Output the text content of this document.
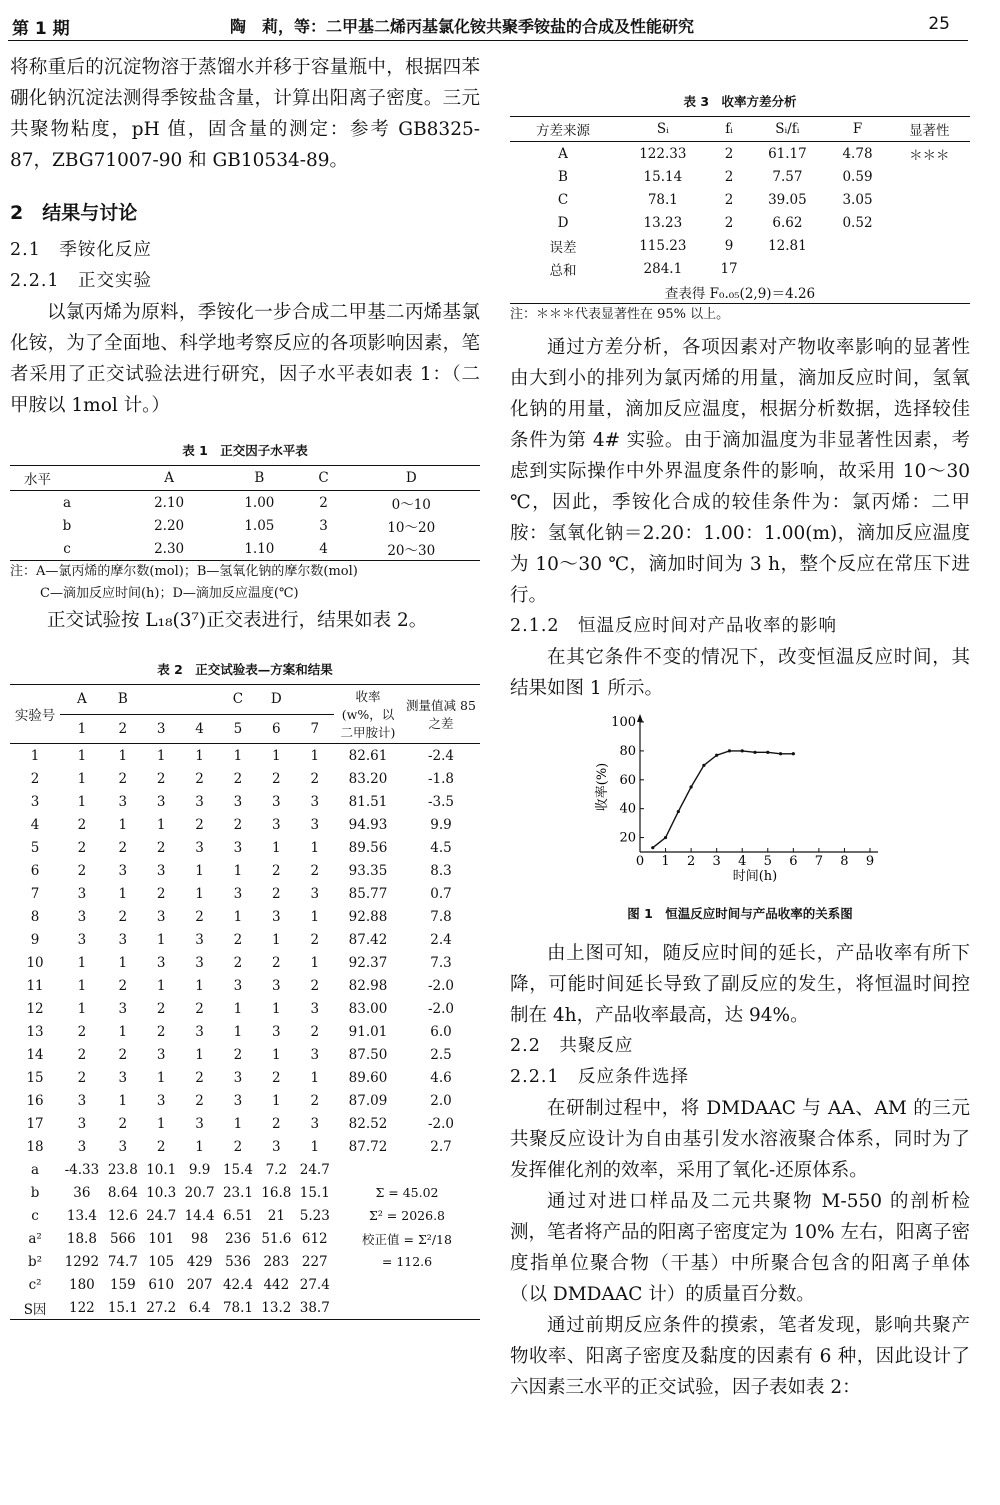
第 1 期	陶　莉，等：二甲基二烯丙基氯化铵共聚季铵盐的合成及性能研究	25

将称重后的沉淀物溶于蒸馏水并移于容量瓶中，根据四苯硼化钠沉淀法测得季铵盐含量，计算出阳离子密度。三元共聚物粘度，pH 值，固含量的测定：参考 GB8325-87，ZBG71007-90 和 GB10534-89。

2　结果与讨论
2.1　季铵化反应
2.2.1　正交实验

以氯丙烯为原料，季铵化一步合成二甲基二丙烯基氯化铵，为了全面地、科学地考察反应的各项影响因素，笔者采用了正交试验法进行研究，因子水平表如表 1：（二甲胺以 1mol 计。）

表 1　正交因子水平表
水平	A	B	C	D
a	2.10	1.00	2	0～10
b	2.20	1.05	3	10～20
c	2.30	1.10	4	20～30
注：A—氯丙烯的摩尔数(mol)；B—氢氧化钠的摩尔数(mol)
C—滴加反应时间(h)；D—滴加反应温度(℃)

正交试验按 L₁₈(3⁷)正交表进行，结果如表 2。

表 2　正交试验表—方案和结果
实验号	A	B			C	D		收率 (w%，以二甲胺计)	测量值减 85 之差
	1	2	3	4	5	6	7		
1	1	1	1	1	1	1	1	82.61	-2.4
2	1	2	2	2	2	2	2	83.20	-1.8
3	1	3	3	3	3	3	3	81.51	-3.5
4	2	1	1	2	2	3	3	94.93	9.9
5	2	2	2	3	3	1	1	89.56	4.5
6	2	3	3	1	1	2	2	93.35	8.3
7	3	1	2	1	3	2	3	85.77	0.7
8	3	2	3	2	1	3	1	92.88	7.8
9	3	3	1	3	2	1	2	87.42	2.4
10	1	1	3	3	2	2	1	92.37	7.3
11	1	2	1	1	3	3	2	82.98	-2.0
12	1	3	2	2	1	1	3	83.00	-2.0
13	2	1	2	3	1	3	2	91.01	6.0
14	2	2	3	1	2	1	3	87.50	2.5
15	2	3	1	2	3	2	1	89.60	4.6
16	3	1	3	2	3	1	2	87.09	2.0
17	3	2	1	3	1	2	3	82.52	-2.0
18	3	3	2	1	2	3	1	87.72	2.7
a	-4.33	23.8	10.1	9.9	15.4	7.2	24.7		
b	36	8.64	10.3	20.7	23.1	16.8	15.1	Σ = 45.02	
c	13.4	12.6	24.7	14.4	6.51	21	5.23	Σ² = 2026.8	
a²	18.8	566	101	98	236	51.6	612	校正值 = Σ²/18	
b²	1292	74.7	105	429	536	283	227	= 112.6	
c²	180	159	610	207	42.4	442	27.4		
S因	122	15.1	27.2	6.4	78.1	13.2	38.7		
表 3　收率方差分析
方差来源	Sᵢ	fᵢ	Sᵢ/fᵢ	F	显著性
A	122.33	2	61.17	4.78	＊＊＊
B	15.14	2	7.57	0.59	
C	78.1	2	39.05	3.05	
D	13.23	2	6.62	0.52	
误差	115.23	9	12.81		
总和	284.1	17			
查表得 F₀.₀₅(2,9)＝4.26					
注：＊＊＊代表显著性在 95% 以上。

通过方差分析，各项因素对产物收率影响的显著性由大到小的排列为氯丙烯的用量，滴加反应时间，氢氧化钠的用量，滴加反应温度，根据分析数据，选择较佳条件为第 4# 实验。由于滴加温度为非显著性因素，考虑到实际操作中外界温度条件的影响，故采用 10～30 ℃，因此，季铵化合成的较佳条件为：氯丙烯：二甲胺：氢氧化钠＝2.20：1.00：1.00(m)，滴加反应温度为 10～30 ℃，滴加时间为 3 h，整个反应在常压下进行。

2.1.2　恒温反应时间对产品收率的影响

在其它条件不变的情况下，改变恒温反应时间，其结果如图 1 所示。

0 1 2 3 4 5 6 7 8 9
20
40
60
80
100
时间(h)
收率(%)
图 1　恒温反应时间与产品收率的关系图

由上图可知，随反应时间的延长，产品收率有所下降，可能时间延长导致了副反应的发生，将恒温时间控制在 4h，产品收率最高，达 94%。

2.2　共聚反应
2.2.1　反应条件选择

在研制过程中，将 DMDAAC 与 AA、AM 的三元共聚反应设计为自由基引发水溶液聚合体系，同时为了发挥催化剂的效率，采用了氧化-还原体系。

通过对进口样品及二元共聚物 M-550 的剖析检测，笔者将产品的阳离子密度定为 10% 左右，阳离子密度指单位聚合物（干基）中所聚合包含的阳离子单体（以 DMDAAC 计）的质量百分数。

通过前期反应条件的摸索，笔者发现，影响共聚产物收率、阳离子密度及黏度的因素有 6 种，因此设计了六因素三水平的正交试验，因子表如表 2：
